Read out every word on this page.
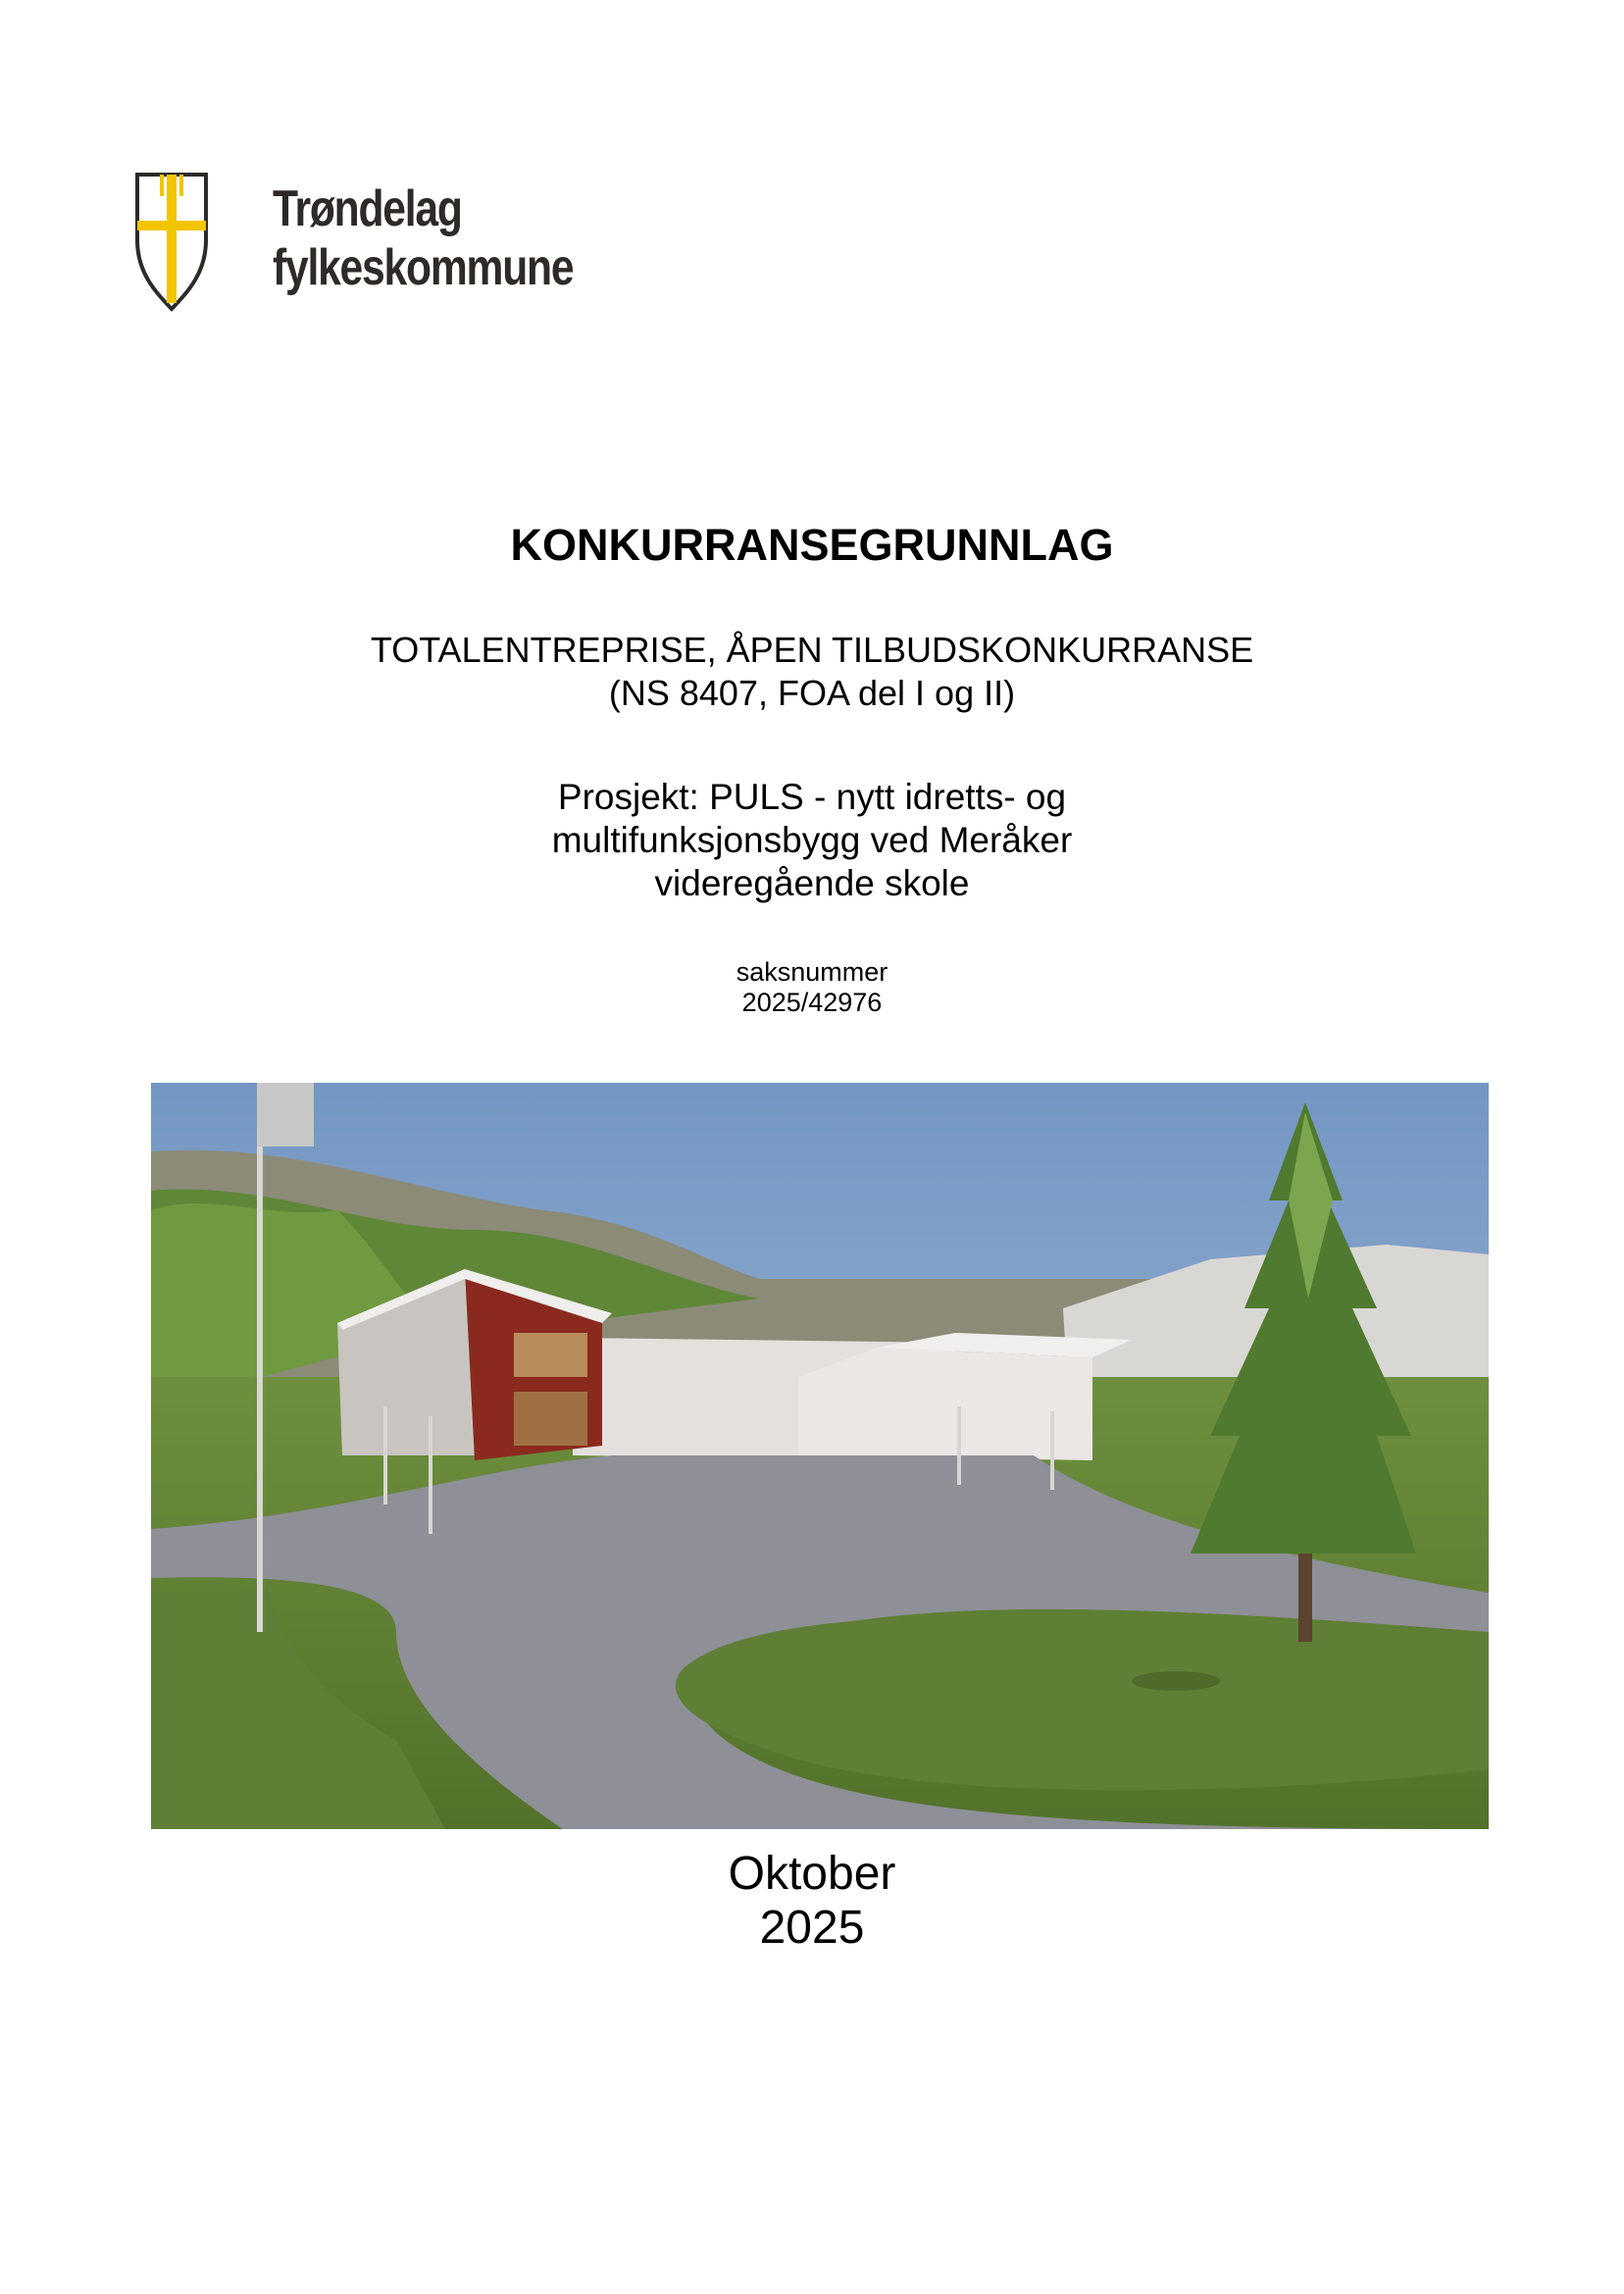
Trøndelag
fylkeskommune
KONKURRANSEGRUNNLAG
TOTALENTREPRISE, ÅPEN TILBUDSKONKURRANSE
(NS 8407, FOA del I og II)
Prosjekt: PULS - nytt idretts- og
multifunksjonsbygg ved Meråker
videregående skole
saksnummer
2025/42976
Oktober
2025
